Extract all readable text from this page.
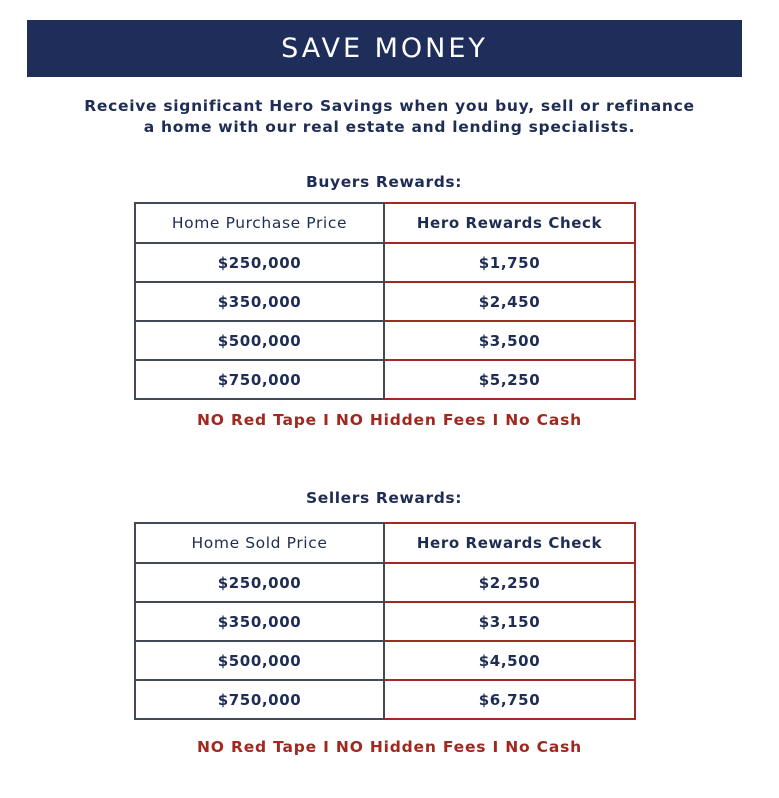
SAVE MONEY
Receive significant Hero Savings when you buy, sell or refinance
a home with our real estate and lending specialists.
Buyers Rewards:
Home Purchase Price	Hero Rewards Check
$250,000	$1,750
$350,000	$2,450
$500,000	$3,500
$750,000	$5,250
NO Red Tape I NO Hidden Fees I No Cash
Sellers Rewards:
Home Sold Price	Hero Rewards Check
$250,000	$2,250
$350,000	$3,150
$500,000	$4,500
$750,000	$6,750
NO Red Tape I NO Hidden Fees I No Cash
